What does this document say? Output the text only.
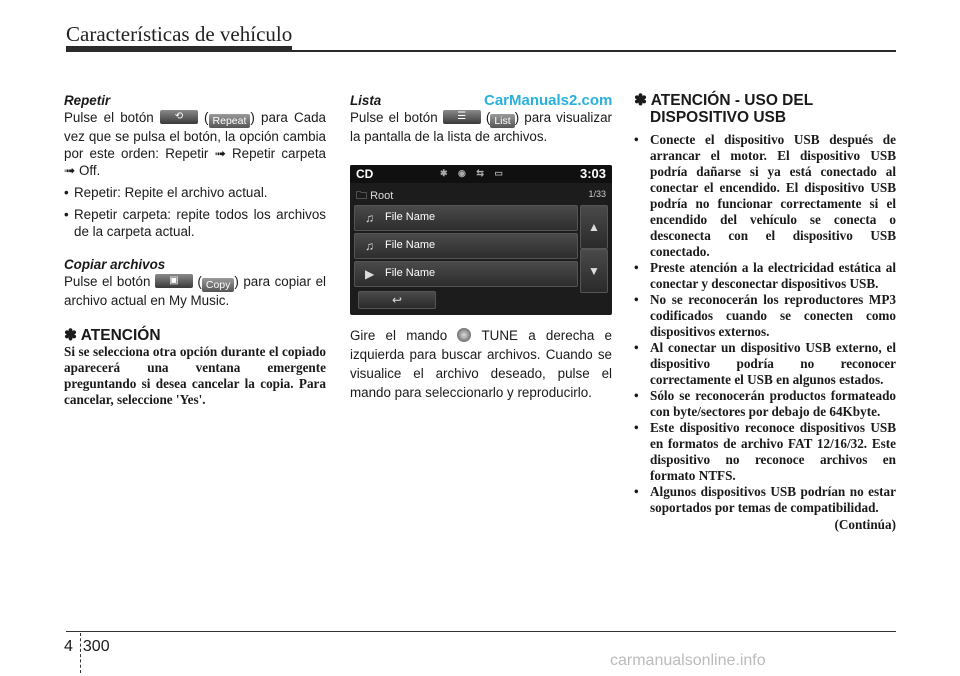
Características de vehículo
CarManuals2.com
Repetir

Pulse el botón	⟲	( Repeat ) para Cada vez que se pulsa el botón, la opción cambia por este orden: Repetir ➟ Repetir carpeta ➟ Off.

• Repetir: Repite el archivo actual.
• Repetir carpeta: repite todos los archivos de la carpeta actual.
Copiar archivos

Pulse el botón	▣	( Copy ) para copiar el archivo actual en My Music.

✽ ATENCIÓN
Si se selecciona otra opción durante el copiado aparecerá una ventana emergente preguntando si desea cancelar la copia. Para cancelar, seleccione 'Yes'.
Lista

Pulse el botón	☰	( List ) para visualizar la pantalla de la lista de archivos.

CD	✱ ◉ ⇆ ▭	3:03
🗀 Root	1/33
♫ File Name
♫ File Name
▶ File Name
▲
▼
↩

Gire el mando	TUNE a derecha e izquierda para buscar archivos. Cuando se visualice el archivo deseado, pulse el mando para seleccionarlo y reproducirlo.

✽ ATENCIÓN - USO DEL DISPOSITIVO USB
• Conecte el dispositivo USB después de arrancar el motor. El dispositivo USB podría dañarse si ya está conectado al conectar el encendido. El dispositivo USB podría no funcionar correctamente si el encendido del vehículo se conecta o desconecta con el dispositivo USB conectado.
• Preste atención a la electricidad estática al conectar y desconectar dispositivos USB.
• No se reconocerán los reproductores MP3 codificados cuando se conecten como dispositivos externos.
• Al conectar un dispositivo USB externo, el dispositivo podría no reconocer correctamente el USB en algunos estados.
• Sólo se reconocerán productos formateado con byte/sectores por debajo de 64Kbyte.
• Este dispositivo reconoce dispositivos USB en formatos de archivo FAT 12/16/32. Este dispositivo no reconoce archivos en formato NTFS.
• Algunos dispositivos USB podrían no estar soportados por temas de compatibilidad.
(Continúa)
4 300
carmanualsonline.info
